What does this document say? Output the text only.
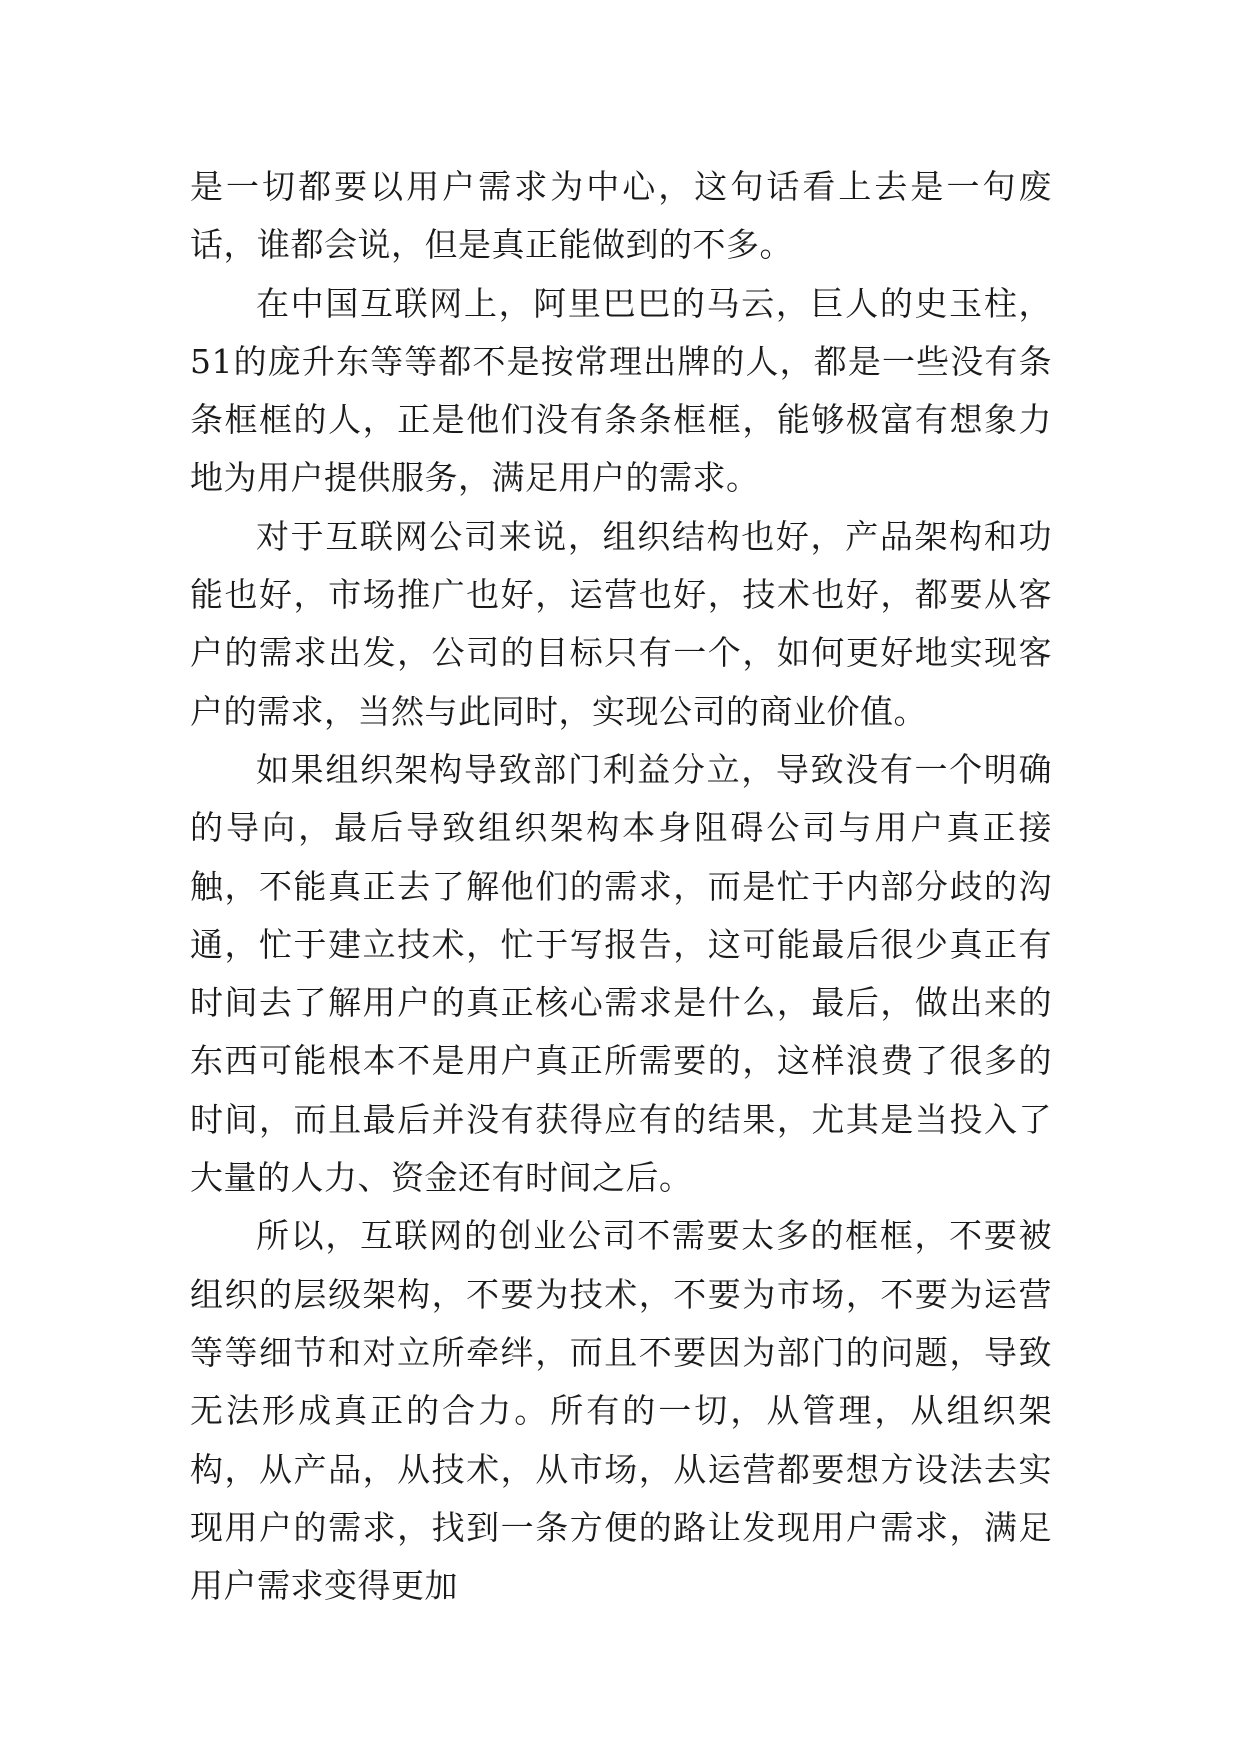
是一切都要以用户需求为中心，这句话看上去是一句废话，谁都会说，但是真正能做到的不多。

在中国互联网上，阿里巴巴的马云，巨人的史玉柱，51的庞升东等等都不是按常理出牌的人，都是一些没有条条框框的人，正是他们没有条条框框，能够极富有想象力地为用户提供服务，满足用户的需求。

对于互联网公司来说，组织结构也好，产品架构和功能也好，市场推广也好，运营也好，技术也好，都要从客户的需求出发，公司的目标只有一个，如何更好地实现客户的需求，当然与此同时，实现公司的商业价值。

如果组织架构导致部门利益分立，导致没有一个明确的导向，最后导致组织架构本身阻碍公司与用户真正接触，不能真正去了解他们的需求，而是忙于内部分歧的沟通，忙于建立技术，忙于写报告，这可能最后很少真正有时间去了解用户的真正核心需求是什么，最后，做出来的东西可能根本不是用户真正所需要的，这样浪费了很多的时间，而且最后并没有获得应有的结果，尤其是当投入了大量的人力、资金还有时间之后。

所以，互联网的创业公司不需要太多的框框，不要被组织的层级架构，不要为技术，不要为市场，不要为运营等等细节和对立所牵绊，而且不要因为部门的问题，导致无法形成真正的合力。所有的一切，从管理，从组织架构，从产品，从技术，从市场，从运营都要想方设法去实现用户的需求，找到一条方便的路让发现用户需求，满足用户需求变得更加
